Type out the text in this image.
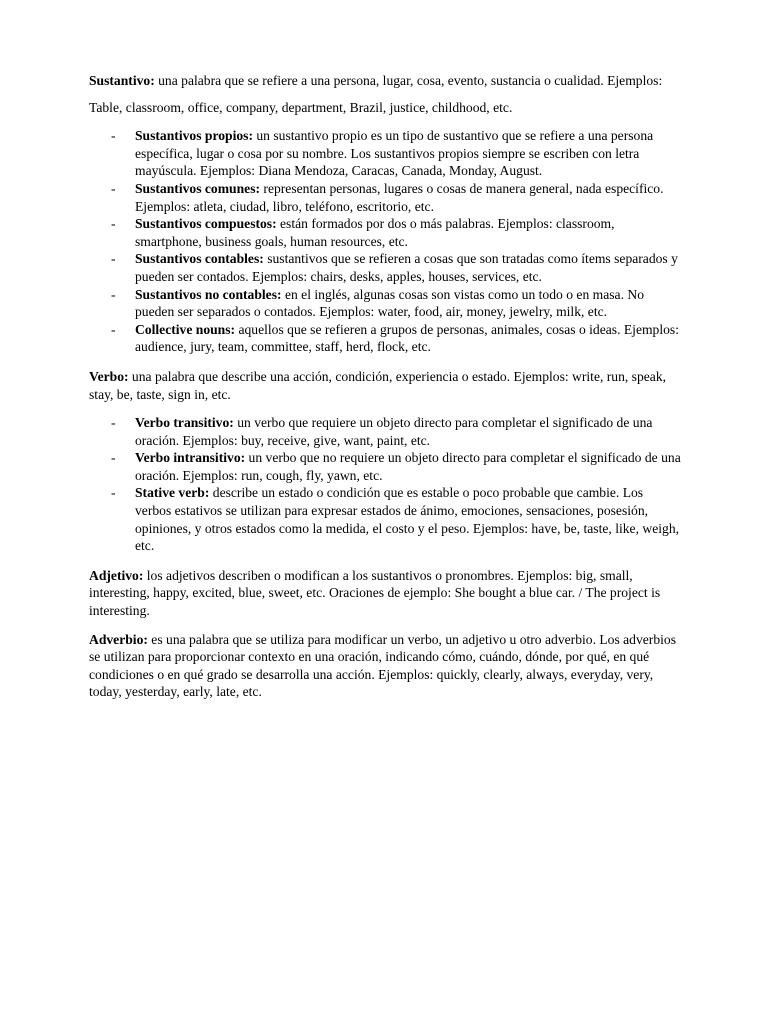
Sustantivo: una palabra que se refiere a una persona, lugar, cosa, evento, sustancia o cualidad. Ejemplos:

Table, classroom, office, company, department, Brazil, justice, childhood, etc.

- Sustantivos propios: un sustantivo propio es un tipo de sustantivo que se refiere a una persona específica, lugar o cosa por su nombre. Los sustantivos propios siempre se escriben con letra mayúscula. Ejemplos: Diana Mendoza, Caracas, Canada, Monday, August.
- Sustantivos comunes: representan personas, lugares o cosas de manera general, nada específico. Ejemplos: atleta, ciudad, libro, teléfono, escritorio, etc.
- Sustantivos compuestos: están formados por dos o más palabras. Ejemplos: classroom, smartphone, business goals, human resources, etc.
- Sustantivos contables: sustantivos que se refieren a cosas que son tratadas como ítems separados y pueden ser contados. Ejemplos: chairs, desks, apples, houses, services, etc.
- Sustantivos no contables: en el inglés, algunas cosas son vistas como un todo o en masa. No pueden ser separados o contados. Ejemplos: water, food, air, money, jewelry, milk, etc.
- Collective nouns: aquellos que se refieren a grupos de personas, animales, cosas o ideas. Ejemplos: audience, jury, team, committee, staff, herd, flock, etc.

Verbo: una palabra que describe una acción, condición, experiencia o estado. Ejemplos: write, run, speak, stay, be, taste, sign in, etc.

- Verbo transitivo: un verbo que requiere un objeto directo para completar el significado de una oración. Ejemplos: buy, receive, give, want, paint, etc.
- Verbo intransitivo: un verbo que no requiere un objeto directo para completar el significado de una oración. Ejemplos: run, cough, fly, yawn, etc.
- Stative verb: describe un estado o condición que es estable o poco probable que cambie. Los verbos estativos se utilizan para expresar estados de ánimo, emociones, sensaciones, posesión, opiniones, y otros estados como la medida, el costo y el peso. Ejemplos: have, be, taste, like, weigh, etc.

Adjetivo: los adjetivos describen o modifican a los sustantivos o pronombres. Ejemplos: big, small, interesting, happy, excited, blue, sweet, etc. Oraciones de ejemplo: She bought a blue car. / The project is interesting.

Adverbio: es una palabra que se utiliza para modificar un verbo, un adjetivo u otro adverbio. Los adverbios se utilizan para proporcionar contexto en una oración, indicando cómo, cuándo, dónde, por qué, en qué condiciones o en qué grado se desarrolla una acción. Ejemplos: quickly, clearly, always, everyday, very, today, yesterday, early, late, etc.
